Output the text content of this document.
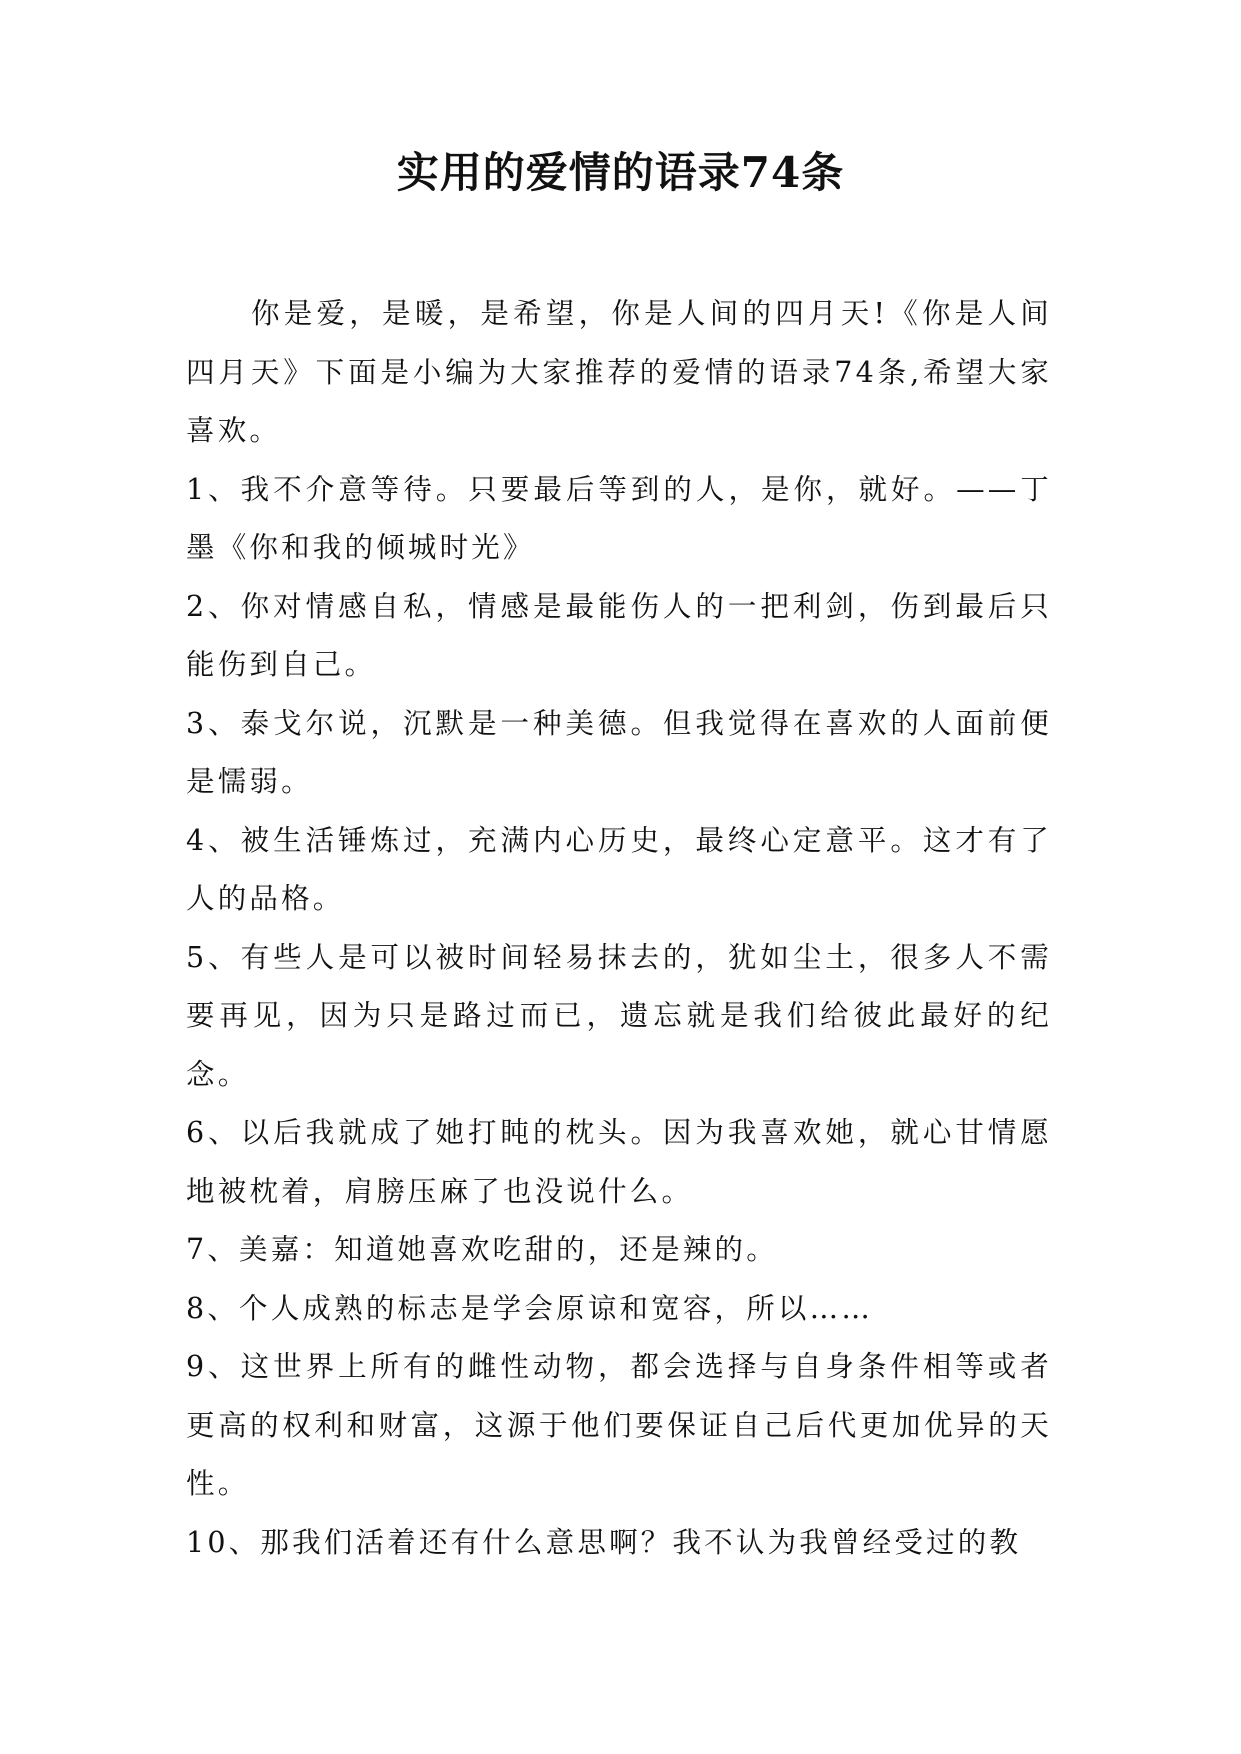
实用的爱情的语录74条

你是爱，是暖，是希望，你是人间的四月天!《你是人间四月天》下面是小编为大家推荐的爱情的语录74条,希望大家喜欢。

1、我不介意等待。只要最后等到的人，是你，就好。——丁墨《你和我的倾城时光》

2、你对情感自私，情感是最能伤人的一把利剑，伤到最后只能伤到自己。

3、泰戈尔说，沉默是一种美德。但我觉得在喜欢的人面前便是懦弱。

4、被生活锤炼过，充满内心历史，最终心定意平。这才有了人的品格。

5、有些人是可以被时间轻易抹去的，犹如尘土，很多人不需要再见，因为只是路过而已，遗忘就是我们给彼此最好的纪念。

6、以后我就成了她打盹的枕头。因为我喜欢她，就心甘情愿地被枕着，肩膀压麻了也没说什么。

7、美嘉：知道她喜欢吃甜的，还是辣的。

8、个人成熟的标志是学会原谅和宽容，所以……

9、这世界上所有的雌性动物，都会选择与自身条件相等或者更高的权利和财富，这源于他们要保证自己后代更加优异的天性。

10、那我们活着还有什么意思啊？我不认为我曾经受过的教
